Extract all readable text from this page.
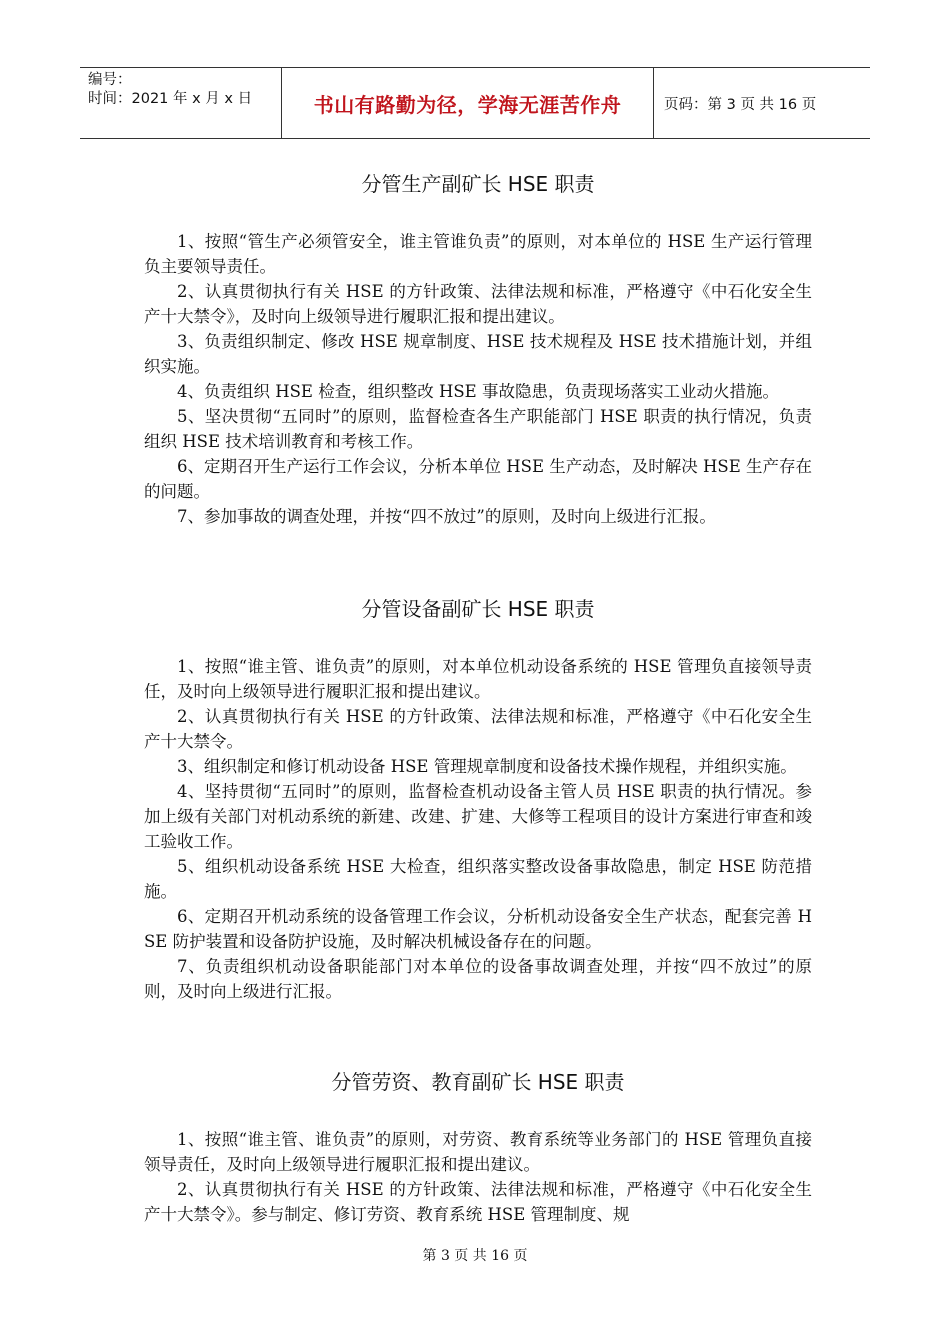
编号：
时间：2021 年 x 月 x 日	书山有路勤为径，学海无涯苦作舟	页码：第 3 页 共 16 页
分管生产副矿长 HSE 职责

1、按照“管生产必须管安全，谁主管谁负责”的原则，对本单位的 HSE 生产运行管理负主要领导责任。

2、认真贯彻执行有关 HSE 的方针政策、法律法规和标准，严格遵守《中石化安全生产十大禁令》，及时向上级领导进行履职汇报和提出建议。

3、负责组织制定、修改 HSE 规章制度、HSE 技术规程及 HSE 技术措施计划，并组织实施。

4、负责组织 HSE 检查，组织整改 HSE 事故隐患，负责现场落实工业动火措施。

5、坚决贯彻“五同时”的原则，监督检查各生产职能部门 HSE 职责的执行情况，负责组织 HSE 技术培训教育和考核工作。

6、定期召开生产运行工作会议，分析本单位 HSE 生产动态，及时解决 HSE 生产存在的问题。

7、参加事故的调查处理，并按“四不放过”的原则，及时向上级进行汇报。

分管设备副矿长 HSE 职责

1、按照“谁主管、谁负责”的原则，对本单位机动设备系统的 HSE 管理负直接领导责任，及时向上级领导进行履职汇报和提出建议。

2、认真贯彻执行有关 HSE 的方针政策、法律法规和标准，严格遵守《中石化安全生产十大禁令。

3、组织制定和修订机动设备 HSE 管理规章制度和设备技术操作规程，并组织实施。

4、坚持贯彻“五同时”的原则，监督检查机动设备主管人员 HSE 职责的执行情况。参加上级有关部门对机动系统的新建、改建、扩建、大修等工程项目的设计方案进行审查和竣工验收工作。

5、组织机动设备系统 HSE 大检查，组织落实整改设备事故隐患，制定 HSE 防范措施。

6、定期召开机动系统的设备管理工作会议，分析机动设备安全生产状态，配套完善 HSE 防护装置和设备防护设施，及时解决机械设备存在的问题。

7、负责组织机动设备职能部门对本单位的设备事故调查处理，并按“四不放过”的原则，及时向上级进行汇报。

分管劳资、教育副矿长 HSE 职责

1、按照“谁主管、谁负责”的原则，对劳资、教育系统等业务部门的 HSE 管理负直接领导责任，及时向上级领导进行履职汇报和提出建议。

2、认真贯彻执行有关 HSE 的方针政策、法律法规和标准，严格遵守《中石化安全生产十大禁令》。参与制定、修订劳资、教育系统 HSE 管理制度、规

第 3 页 共 16 页
